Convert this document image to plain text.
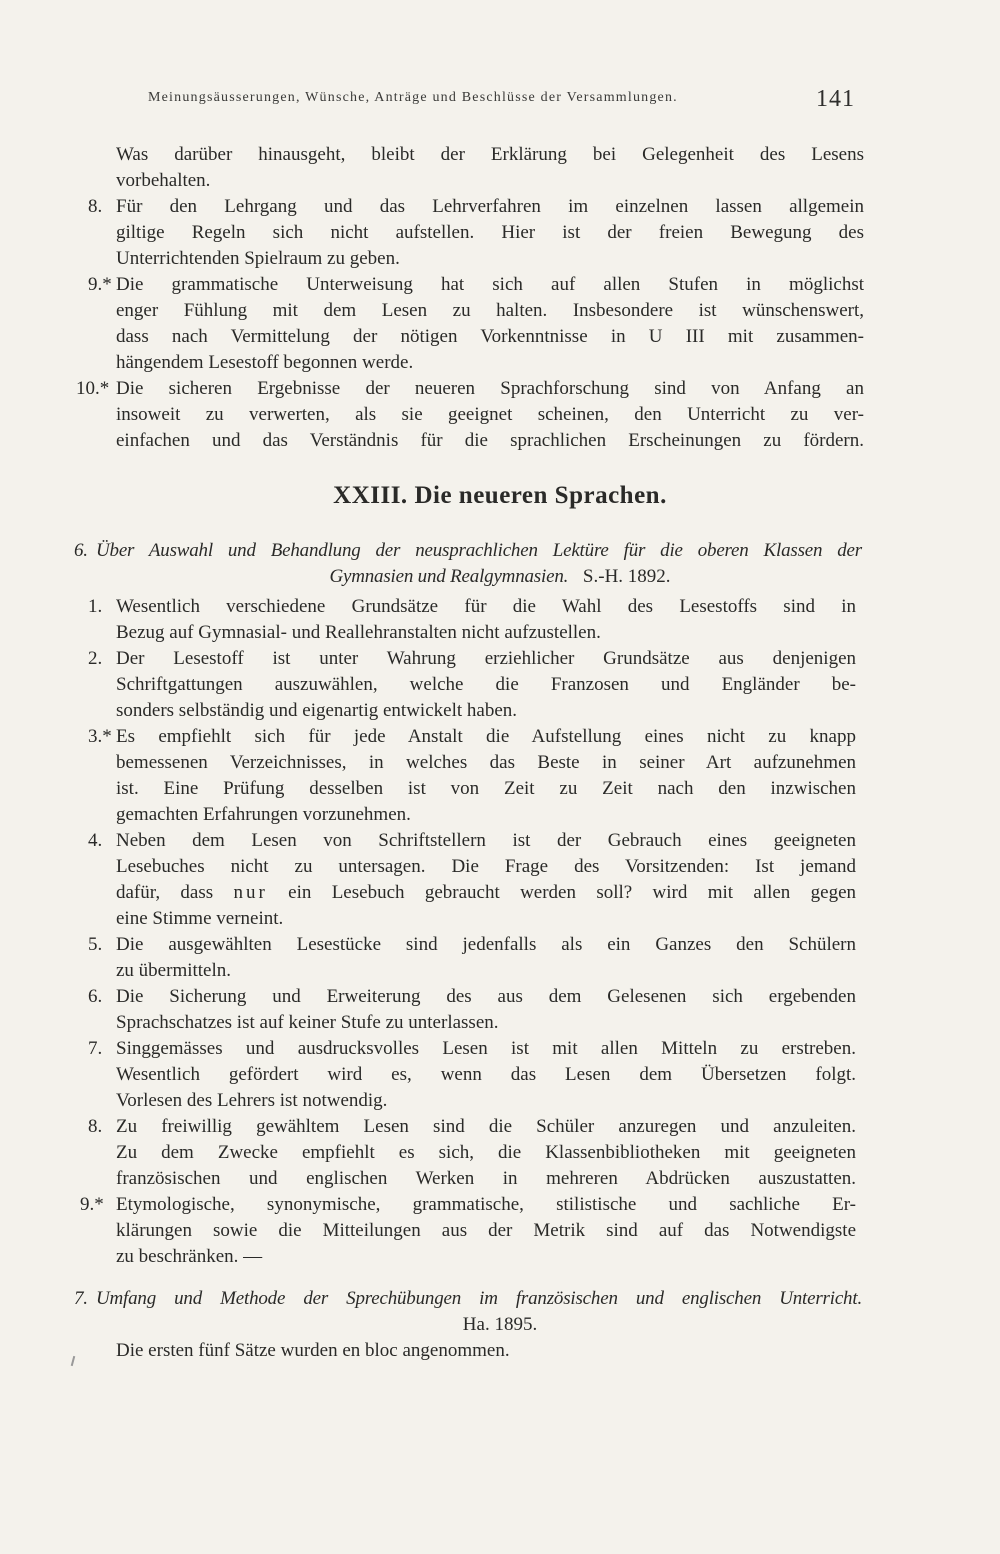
Meinungsäusserungen, Wünsche, Anträge und Beschlüsse der Versammlungen.	141
Was darüber hinausgeht, bleibt der Erklärung bei Gelegenheit des Lesens
vorbehalten.
8. Für den Lehrgang und das Lehrverfahren im einzelnen lassen allgemein
giltige Regeln sich nicht aufstellen. Hier ist der freien Bewegung des
Unterrichtenden Spielraum zu geben.
9.* Die grammatische Unterweisung hat sich auf allen Stufen in möglichst
enger Fühlung mit dem Lesen zu halten. Insbesondere ist wünschenswert,
dass nach Vermittelung der nötigen Vorkenntnisse in U III mit zusammen-
hängendem Lesestoff begonnen werde.
10.* Die sicheren Ergebnisse der neueren Sprachforschung sind von Anfang an
insoweit zu verwerten, als sie geeignet scheinen, den Unterricht zu ver-
einfachen und das Verständnis für die sprachlichen Erscheinungen zu fördern.
XXIII. Die neueren Sprachen.
6. Über Auswahl und Behandlung der neusprachlichen Lektüre für die oberen Klassen der
Gymnasien und Realgymnasien. S.-H. 1892.
1. Wesentlich verschiedene Grundsätze für die Wahl des Lesestoffs sind in
Bezug auf Gymnasial- und Reallehranstalten nicht aufzustellen.
2. Der Lesestoff ist unter Wahrung erziehlicher Grundsätze aus denjenigen
Schriftgattungen auszuwählen, welche die Franzosen und Engländer be-
sonders selbständig und eigenartig entwickelt haben.
3.* Es empfiehlt sich für jede Anstalt die Aufstellung eines nicht zu knapp
bemessenen Verzeichnisses, in welches das Beste in seiner Art aufzunehmen
ist. Eine Prüfung desselben ist von Zeit zu Zeit nach den inzwischen
gemachten Erfahrungen vorzunehmen.
4. Neben dem Lesen von Schriftstellern ist der Gebrauch eines geeigneten
Lesebuches nicht zu untersagen. Die Frage des Vorsitzenden: Ist jemand
dafür, dass nur ein Lesebuch gebraucht werden soll? wird mit allen gegen
eine Stimme verneint.
5. Die ausgewählten Lesestücke sind jedenfalls als ein Ganzes den Schülern
zu übermitteln.
6. Die Sicherung und Erweiterung des aus dem Gelesenen sich ergebenden
Sprachschatzes ist auf keiner Stufe zu unterlassen.
7. Singgemässes und ausdrucksvolles Lesen ist mit allen Mitteln zu erstreben.
Wesentlich gefördert wird es, wenn das Lesen dem Übersetzen folgt.
Vorlesen des Lehrers ist notwendig.
8. Zu freiwillig gewähltem Lesen sind die Schüler anzuregen und anzuleiten.
Zu dem Zwecke empfiehlt es sich, die Klassenbibliotheken mit geeigneten
französischen und englischen Werken in mehreren Abdrücken auszustatten.
9.* Etymologische, synonymische, grammatische, stilistische und sachliche Er-
klärungen sowie die Mitteilungen aus der Metrik sind auf das Notwendigste
zu beschränken. —
7. Umfang und Methode der Sprechübungen im französischen und englischen Unterricht.
Ha. 1895.
Die ersten fünf Sätze wurden en bloc angenommen.
